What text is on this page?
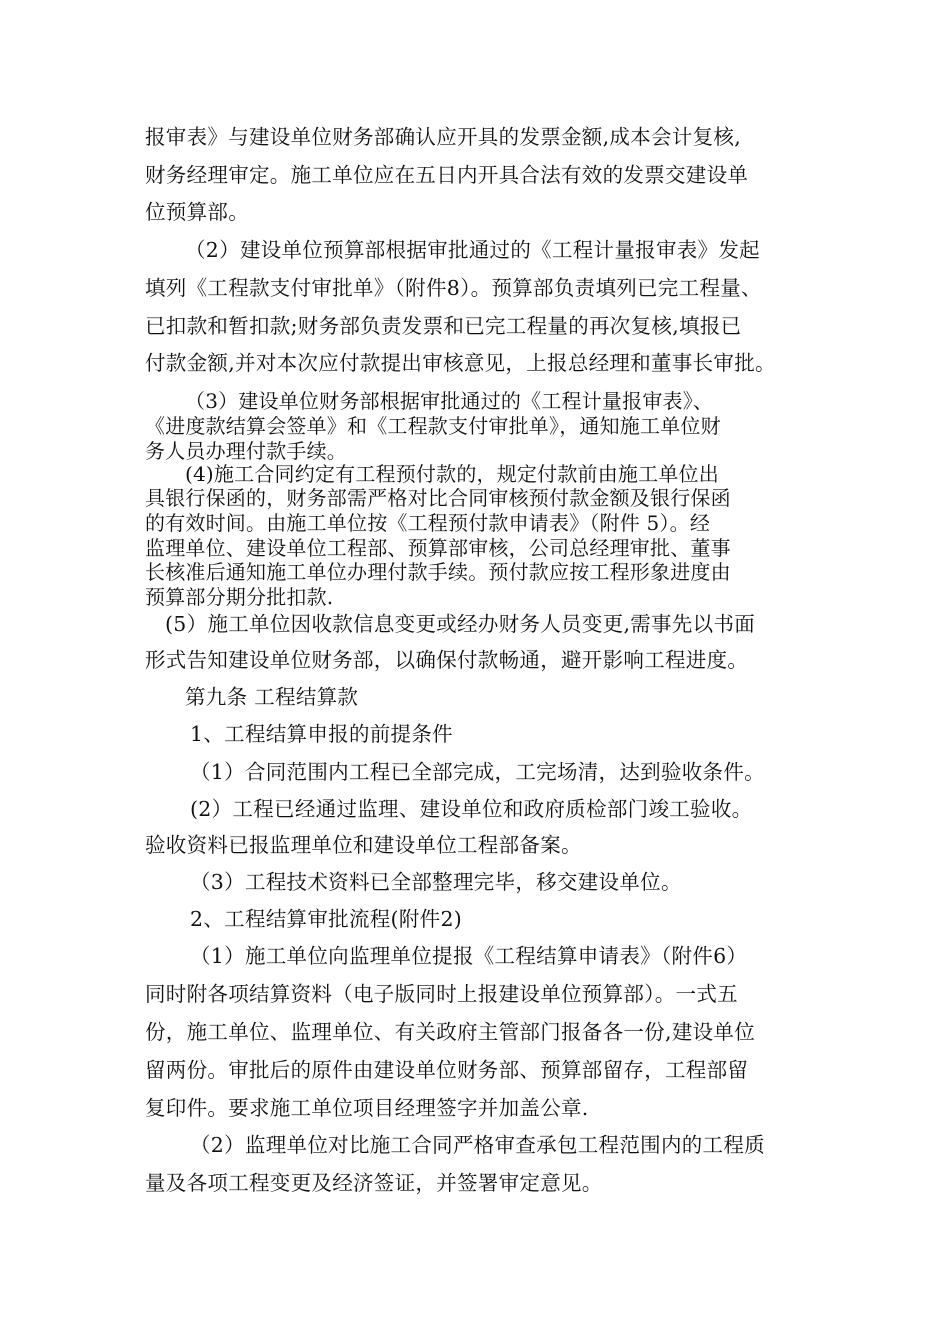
报审表》与建设单位财务部确认应开具的发票金额,成本会计复核,
财务经理审定。施工单位应在五日内开具合法有效的发票交建设单
位预算部。
（2）建设单位预算部根据审批通过的《工程计量报审表》发起
填列《工程款支付审批单》（附件8）。预算部负责填列已完工程量、
已扣款和暂扣款;财务部负责发票和已完工程量的再次复核,填报已
付款金额,并对本次应付款提出审核意见，上报总经理和董事长审批。
（3）建设单位财务部根据审批通过的《工程计量报审表》、
《进度款结算会签单》和《工程款支付审批单》，通知施工单位财
务人员办理付款手续。
(4)施工合同约定有工程预付款的，规定付款前由施工单位出
具银行保函的，财务部需严格对比合同审核预付款金额及银行保函
的有效时间。由施工单位按《工程预付款申请表》（附件 5）。经
监理单位、建设单位工程部、预算部审核，公司总经理审批、董事
长核准后通知施工单位办理付款手续。预付款应按工程形象进度由
预算部分期分批扣款.
(5）施工单位因收款信息变更或经办财务人员变更,需事先以书面
形式告知建设单位财务部，以确保付款畅通，避开影响工程进度。
第九条 工程结算款
1、工程结算申报的前提条件
（1）合同范围内工程已全部完成，工完场清，达到验收条件。
(2）工程已经通过监理、建设单位和政府质检部门竣工验收。
验收资料已报监理单位和建设单位工程部备案。
（3）工程技术资料已全部整理完毕，移交建设单位。
2、工程结算审批流程(附件2)
（1）施工单位向监理单位提报《工程结算申请表》（附件6）
同时附各项结算资料（电子版同时上报建设单位预算部）。一式五
份，施工单位、监理单位、有关政府主管部门报备各一份,建设单位
留两份。审批后的原件由建设单位财务部、预算部留存，工程部留
复印件。要求施工单位项目经理签字并加盖公章.
（2）监理单位对比施工合同严格审查承包工程范围内的工程质
量及各项工程变更及经济签证，并签署审定意见。
